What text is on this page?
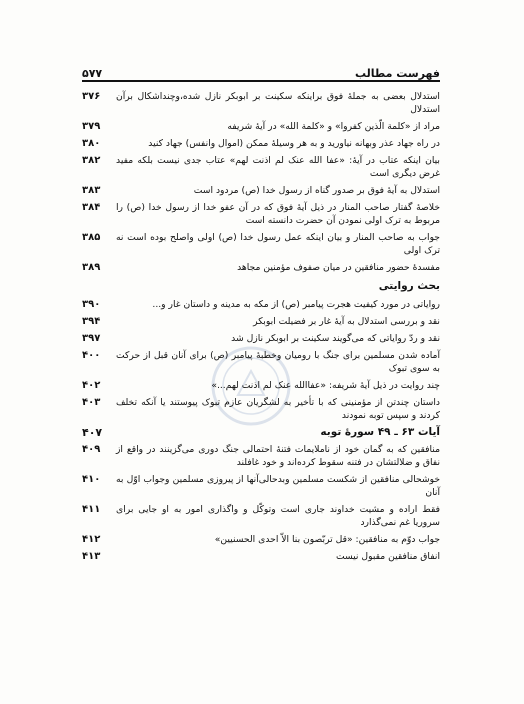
فهرست مطالب
۵۷۷
استدلال بعضی به جملهٔ فوق براینکه سکینت بر ابوبکر نازل شده،وچنداشکال برآن استدلال
۳۷۶
مراد از «کلمة الّذین کفروا» و «کلمة الله» در آیهٔ شریفه
۳۷۹
در راه جهاد عذر وبهانه نیاورید و به هر وسیلهٔ ممکن (اموال وانفس) جهاد کنید
۳۸۰
بیان اینکه عتاب در آیهٔ: «عفا الله عنک لم اذنت لهم» عتاب جدی نیست بلکه مفید غرض دیگری است
۳۸۲
استدلال به آیهٔ فوق بر صدور گناه از رسول خدا (ص) مردود است
۳۸۳
خلاصهٔ گفتار صاحب المنار در ذیل آیهٔ فوق که در آن عفو خدا از رسول خدا (ص) را مربوط به ترک اولی نمودن آن حضرت دانسته است
۳۸۴
جواب به صاحب المنار و بیان اینکه عمل رسول خدا (ص) اولی واصلح بوده است نه ترک اولی
۳۸۵
مفسدهٔ حضور منافقین در میان صفوف مؤمنین مجاهد
۳۸۹
بحث روایتی
روایاتی در مورد کیفیت هجرت پیامبر (ص) از مکه به مدینه و داستان غار و...
۳۹۰
نقد و بررسی استدلال به آیهٔ غار بر فضیلت ابوبکر
۳۹۴
نقد و ردّ روایاتی که می‌گویند سکینت بر ابوبکر نازل شد
۳۹۷
آماده شدن مسلمین برای جنگ با رومیان وخطبهٔ پیامبر (ص) برای آنان قبل از حرکت به سوی تبوک
۴۰۰
چند روایت در ذیل آیهٔ شریفه: «عفاالله عنک لم اذنت لهم...»
۴۰۲
داستان چندتن از مؤمنینی که با تأخیر به لشگریان عازم تبوک پیوستند یا آنکه تخلف کردند و سپس توبه نمودند
۴۰۳
آیات ۶۳ ـ ۴۹ سورهٔ توبه
۴۰۷
منافقین که به گمان خود از ناملایمات فتنهٔ احتمالی جنگ دوری می‌گزینند در واقع از نفاق و ضلالتشان در فتنه سقوط کرده‌اند و خود غافلند
۴۰۹
خوشحالی منافقین از شکست مسلمین وبدحالی‌آنها از پیروزی مسلمین وجواب اوّل به آنان
۴۱۰
فقط اراده و مشیت خداوند جاری است وتوکّل و واگذاری امور به او جایی برای سروریا غم نمی‌گذارد
۴۱۱
جواب دوّم به منافقین: «قل تربّصون بنا الاّ احدی الحسنیین»
۴۱۲
انفاق منافقین مقبول نیست
۴۱۳
